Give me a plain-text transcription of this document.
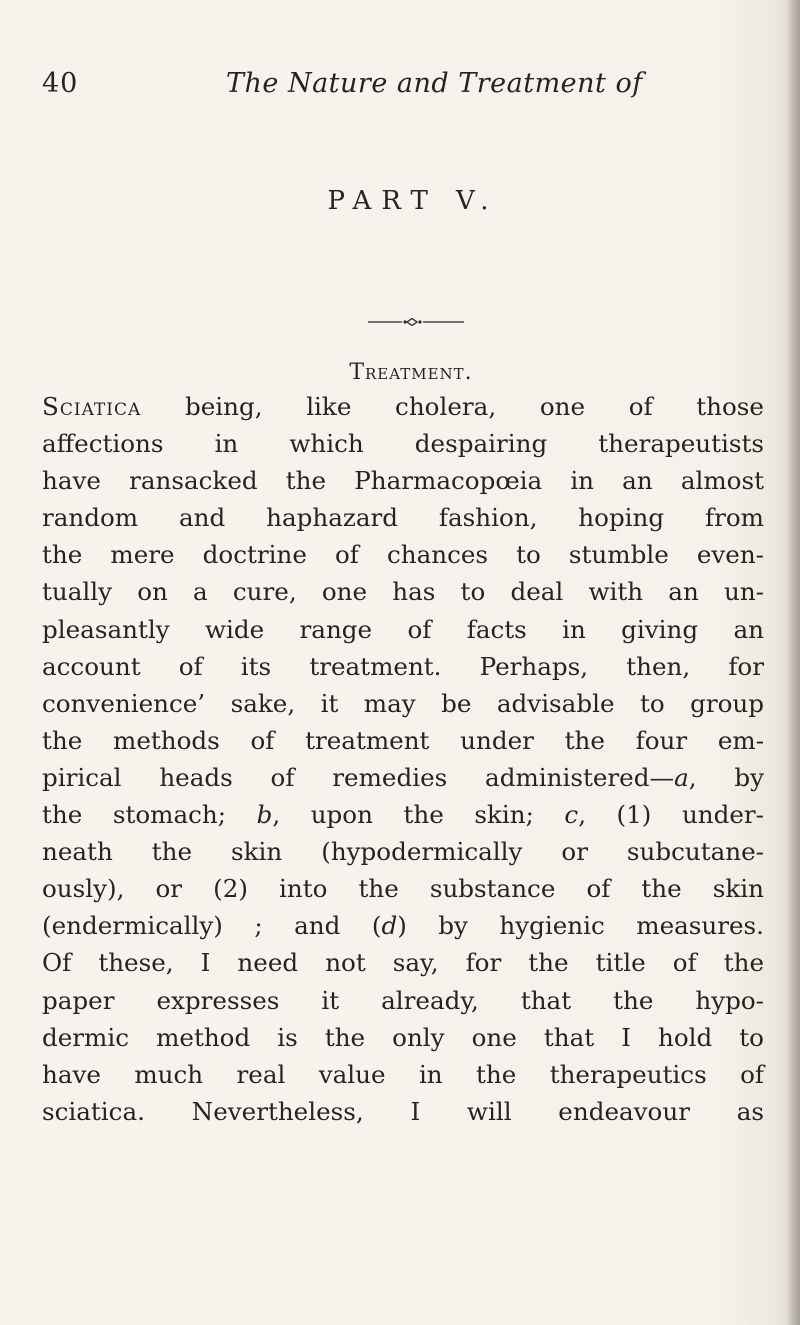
40	The Nature and Treatment of
PART V.
Treatment.
Sciatica being, like cholera, one of those
affections in which despairing therapeutists
have ransacked the Pharmacopœia in an almost
random and haphazard fashion, hoping from
the mere doctrine of chances to stumble even-
tually on a cure, one has to deal with an un-
pleasantly wide range of facts in giving an
account of its treatment. Perhaps, then, for
convenience’ sake, it may be advisable to group
the methods of treatment under the four em-
pirical heads of remedies administered—a, by
the stomach; b, upon the skin; c, (1) under-
neath the skin (hypodermically or subcutane-
ously), or (2) into the substance of the skin
(endermically) ; and (d) by hygienic measures.
Of these, I need not say, for the title of the
paper expresses it already, that the hypo-
dermic method is the only one that I hold to
have much real value in the therapeutics of
sciatica. Nevertheless, I will endeavour as
